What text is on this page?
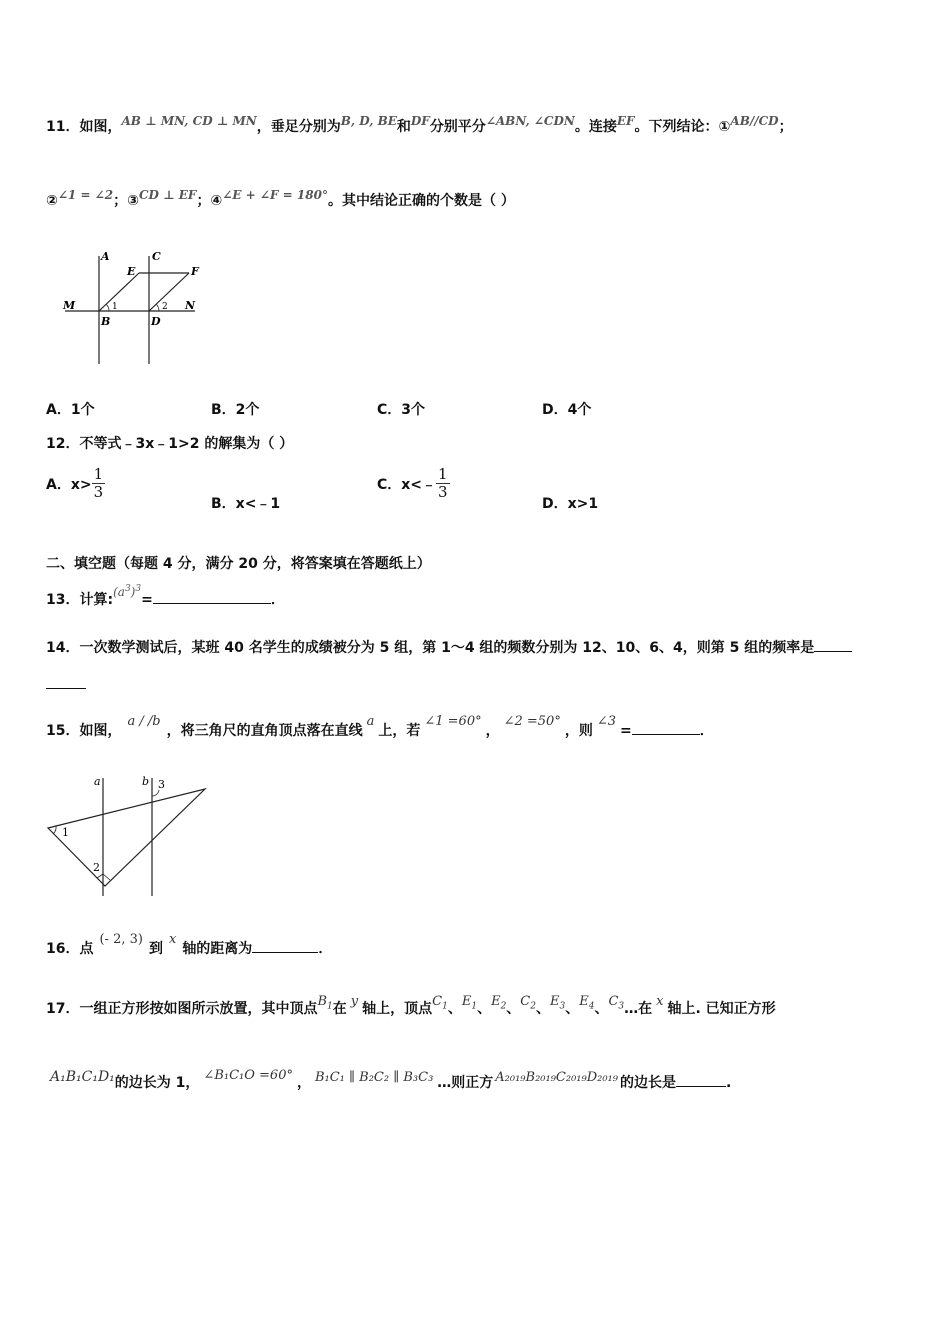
11．如图，AB ⊥ MN, CD ⊥ MN，垂足分别为B, D, BE和DF分别平分∠ABN, ∠CDN。连接EF。下列结论：①AB//CD；
②∠1 = ∠2；③CD ⊥ EF；④∠E + ∠F = 180°。其中结论正确的个数是（ ）
A	C
E	F
M	N
B	D
1	2
A．1个	B．2个	C．3个	D．4个
12．不等式﹣3x﹣1>2 的解集为（ ）
A．$x> \frac{1}{3}$
B．x<﹣1
C．x<﹣ $\frac{1}{3}$
D．x>1
二、填空题（每题 4 分，满分 20 分，将答案填在答题纸上）
13．计算$:(a^3)^3=$	．
14．一次数学测试后，某班 40 名学生的成绩被分为 5 组，第 1～4 组的频数分别为 12、10、6、4，则第 5 组的频率是
15．如图，a / /b，将三角尺的直角顶点落在直线a上，若∠1 =60°，∠2 =50°，则∠3=	．
a	b 3
1
2
16．点(- 2, 3)到x轴的距离为	．
17．一组正方形按如图所示放置，其中顶点$B_1$在 y 轴上，顶点$C_1$、$E_1$、$E_2$、$C_2$、$E_3$、$E_4$、$C_3\dots$在 x 轴上. 已知正方形
A₁B₁C₁D₁的边长为 1， ∠B₁C₁O =60° ， B₁C₁ ∥ B₂C₂ ∥ B₃C₃ …则正方 A₂₀₁₉B₂₀₁₉C₂₀₁₉D₂₀₁₉ 的边长是	.
